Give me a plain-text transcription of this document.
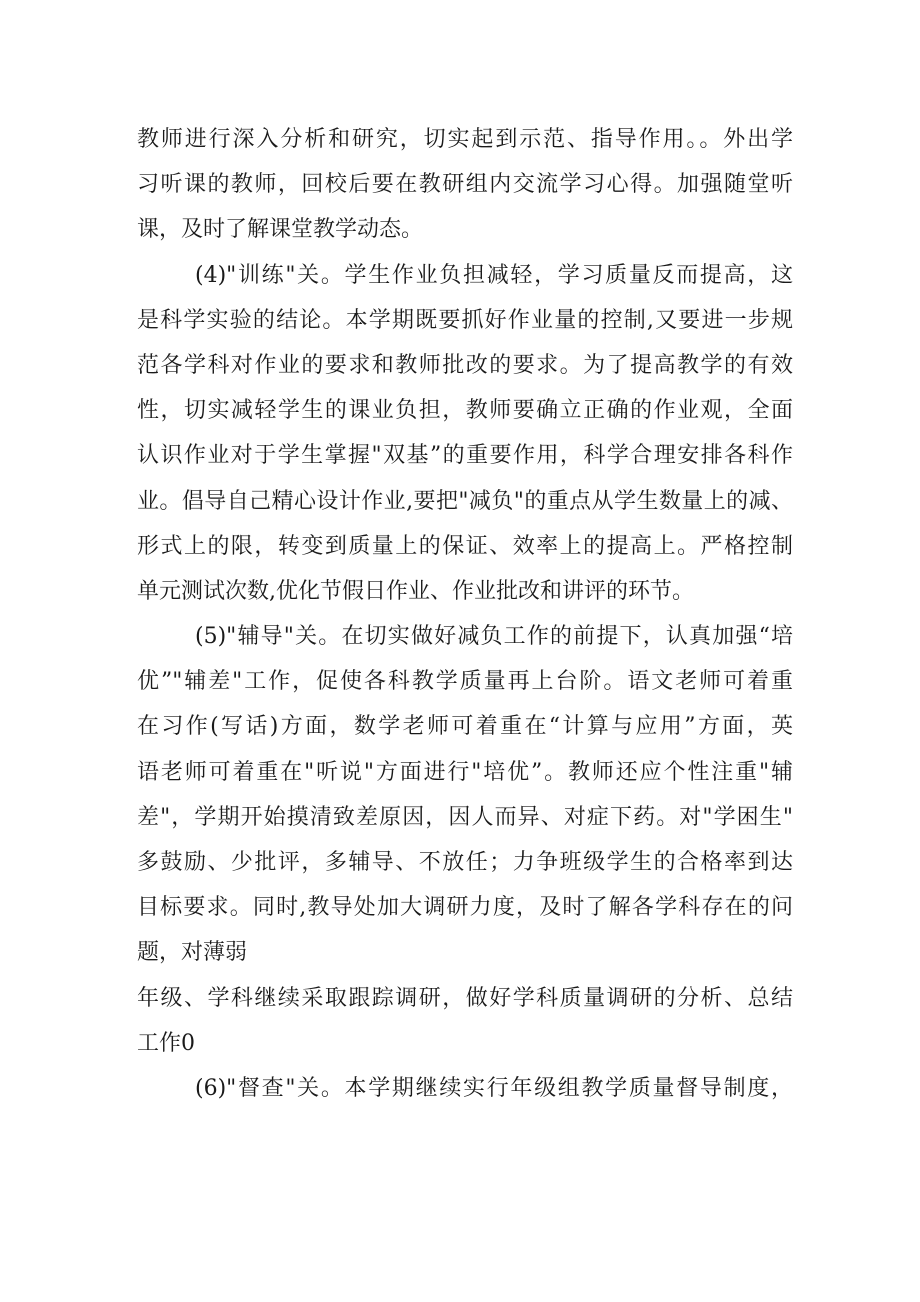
教师进行深入分析和研究，切实起到示范、指导作用。。外出学
习听课的教师，回校后要在教研组内交流学习心得。加强随堂听
课，及时了解课堂教学动态。
(4)"训练"关。学生作业负担减轻，学习质量反而提高，这
是科学实验的结论。本学期既要抓好作业量的控制,又要进一步规
范各学科对作业的要求和教师批改的要求。为了提高教学的有效
性，切实减轻学生的课业负担，教师要确立正确的作业观，全面
认识作业对于学生掌握"双基”的重要作用，科学合理安排各科作
业。倡导自己精心设计作业,要把"减负"的重点从学生数量上的减、
形式上的限，转变到质量上的保证、效率上的提高上。严格控制
单元测试次数,优化节假日作业、作业批改和讲评的环节。
(5)"辅导"关。在切实做好减负工作的前提下，认真加强“培
优”"辅差"工作，促使各科教学质量再上台阶。语文老师可着重
在习作(写话)方面，数学老师可着重在“计算与应用”方面，英
语老师可着重在"听说"方面进行"培优”。教师还应个性注重"辅
差"，学期开始摸清致差原因，因人而异、对症下药。对"学困生"
多鼓励、少批评，多辅导、不放任；力争班级学生的合格率到达
目标要求。同时,教导处加大调研力度，及时了解各学科存在的问
题，对薄弱
年级、学科继续采取跟踪调研，做好学科质量调研的分析、总结
工作0
(6)"督查"关。本学期继续实行年级组教学质量督导制度，
